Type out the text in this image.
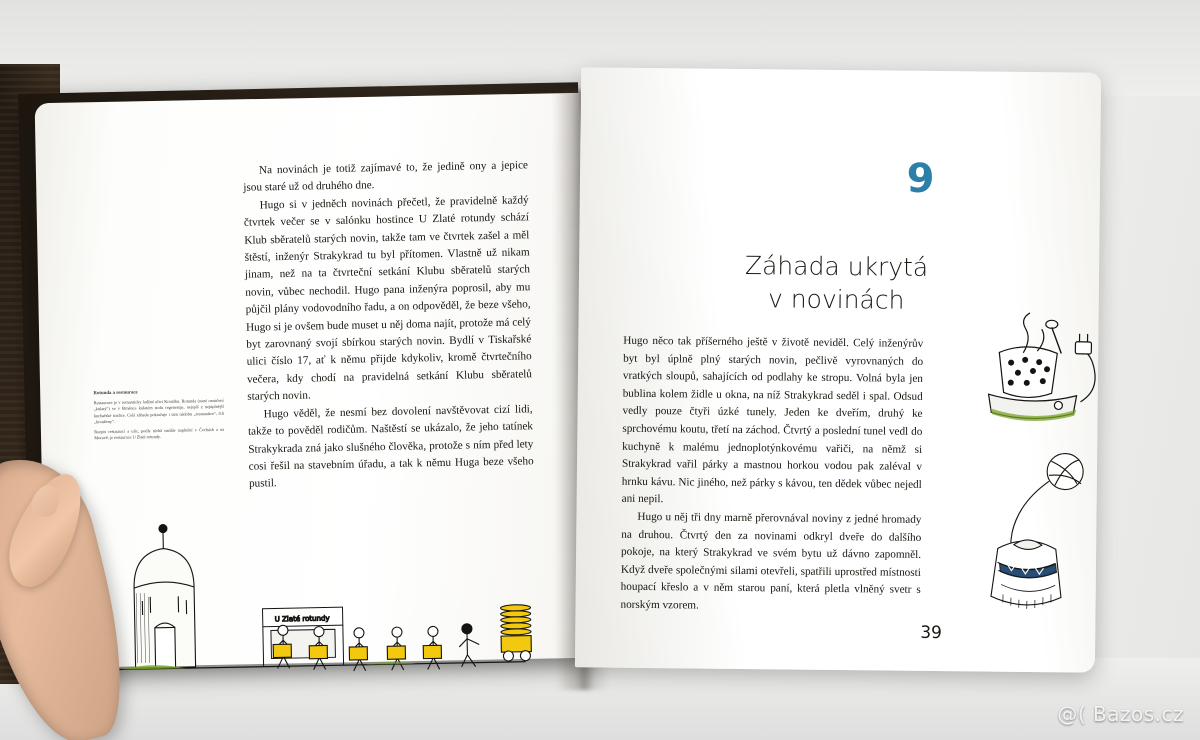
Na novinách je totiž zajímavé to, že jedině ony a jepice jsou staré už od druhého dne.

Hugo si v jedněch novinách přečetl, že pravidelně každý čtvrtek večer se v salónku hostince U Zlaté rotundy schází Klub sběratelů starých novin, takže tam ve čtvrtek zašel a měl štěstí, inženýr Strakykrad tu byl přítomen. Vlastně už nikam jinam, než na ta čtvrteční setkání Klubu sběratelů starých novin, vůbec nechodil. Hugo pana inženýra poprosil, aby mu půjčil plány vodovodního řadu, a on odpověděl, že beze všeho, Hugo si je ovšem bude muset u něj doma najít, protože má celý byt zarovnaný svojí sbírkou starých novin. Bydlí v Tiskařské ulici číslo 17, ať k němu přijde kdykoliv, kromě čtvrtečního večera, kdy chodí na pravidelná setkání Klubu sběratelů starých novin.

Hugo věděl, že nesmí bez dovolení navštěvovat cizí lidi, takže to pověděl rodičům. Naštěstí se ukázalo, že jeho tatínek Strakykrada zná jako slušného člověka, protože s ním před lety cosi řešil na stavebním úřadu, a tak k němu Huga beze všeho pustil.

Rotunda a restaurace

Restaurace je v romanticky laděné ulici Kroužku. Rotunda (staré označení „kulatý“) se v Brněnce kulatém stolu regeneruje, nejspíš z nejúplnější kuchařské tradice. Celá záhada pokračuje i tam nádobu „restaurátor“, čili „krouženy“.

Rozpis restaurací a ulic, podle nichž nadále naplnění v Čechách a na Moravě, je restaurace U Zlaté rotundy.

U Zlaté rotundy
9
Záhada ukrytá
v novinách

Hugo něco tak příšerného ještě v životě neviděl. Celý inženýrův byt byl úplně plný starých novin, pečlivě vyrovnaných do vratkých sloupů, sahajících od podlahy ke stropu. Volná byla jen bublina kolem židle u okna, na níž Strakykrad seděl i spal. Odsud vedly pouze čtyři úzké tunely. Jeden ke dveřím, druhý ke sprchovému koutu, třetí na záchod. Čtvrtý a poslední tunel vedl do kuchyně k malému jednoplotýnkovému vařiči, na němž si Strakykrad vařil párky a mastnou horkou vodou pak zaléval v hrnku kávu. Nic jiného, než párky s kávou, ten dědek vůbec nejedl ani nepil.

Hugo u něj tři dny marně přerovnával noviny z jedné hromady na druhou. Čtvrtý den za novinami odkryl dveře do dalšího pokoje, na který Strakykrad ve svém bytu už dávno zapomněl. Když dveře společnými silami otevřeli, spatřili uprostřed místnosti houpací křeslo a v něm starou paní, která pletla vlněný svetr s norským vzorem.

39
@( Bazos.cz
